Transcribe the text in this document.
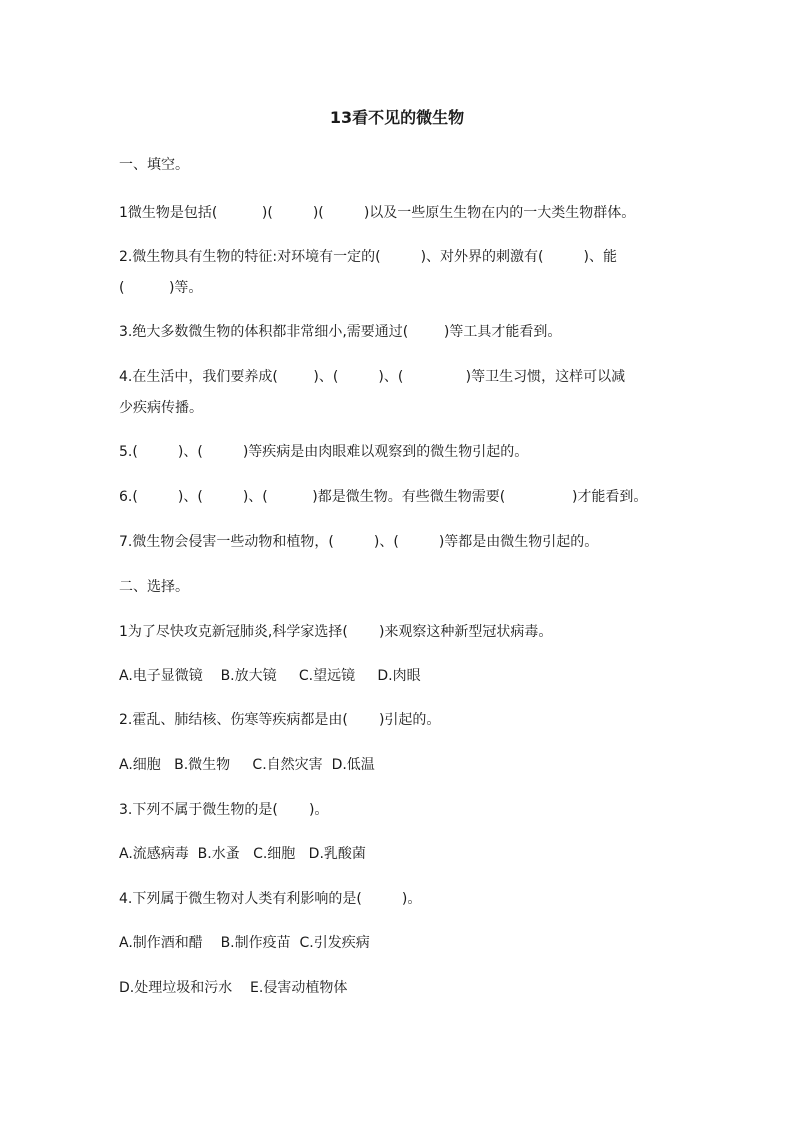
13看不见的微生物
一、填空。
1微生物是包括(          )(         )(         )以及一些原生生物在内的一大类生物群体。
2.微生物具有生物的特征:对环境有一定的(         )、对外界的刺激有(         )、能
(          )等。
3.绝大多数微生物的体积都非常细小,需要通过(        )等工具才能看到。
4.在生活中，我们要养成(        )、(         )、(              )等卫生习惯，这样可以减
少疾病传播。
5.(         )、(         )等疾病是由肉眼难以观察到的微生物引起的。
6.(         )、(         )、(          )都是微生物。有些微生物需要(               )才能看到。
7.微生物会侵害一些动物和植物，(         )、(         )等都是由微生物引起的。
二、选择。
1为了尽快攻克新冠肺炎,科学家选择(       )来观察这种新型冠状病毒。
A.电子显微镜    B.放大镜     C.望远镜     D.肉眼
2.霍乱、肺结核、伤寒等疾病都是由(       )引起的。
A.细胞   B.微生物     C.自然灾害  D.低温
3.下列不属于微生物的是(       )。
A.流感病毒  B.水蚤   C.细胞   D.乳酸菌
4.下列属于微生物对人类有利影响的是(         )。
A.制作酒和醋    B.制作疫苗  C.引发疾病
D.处理垃圾和污水    E.侵害动植物体
